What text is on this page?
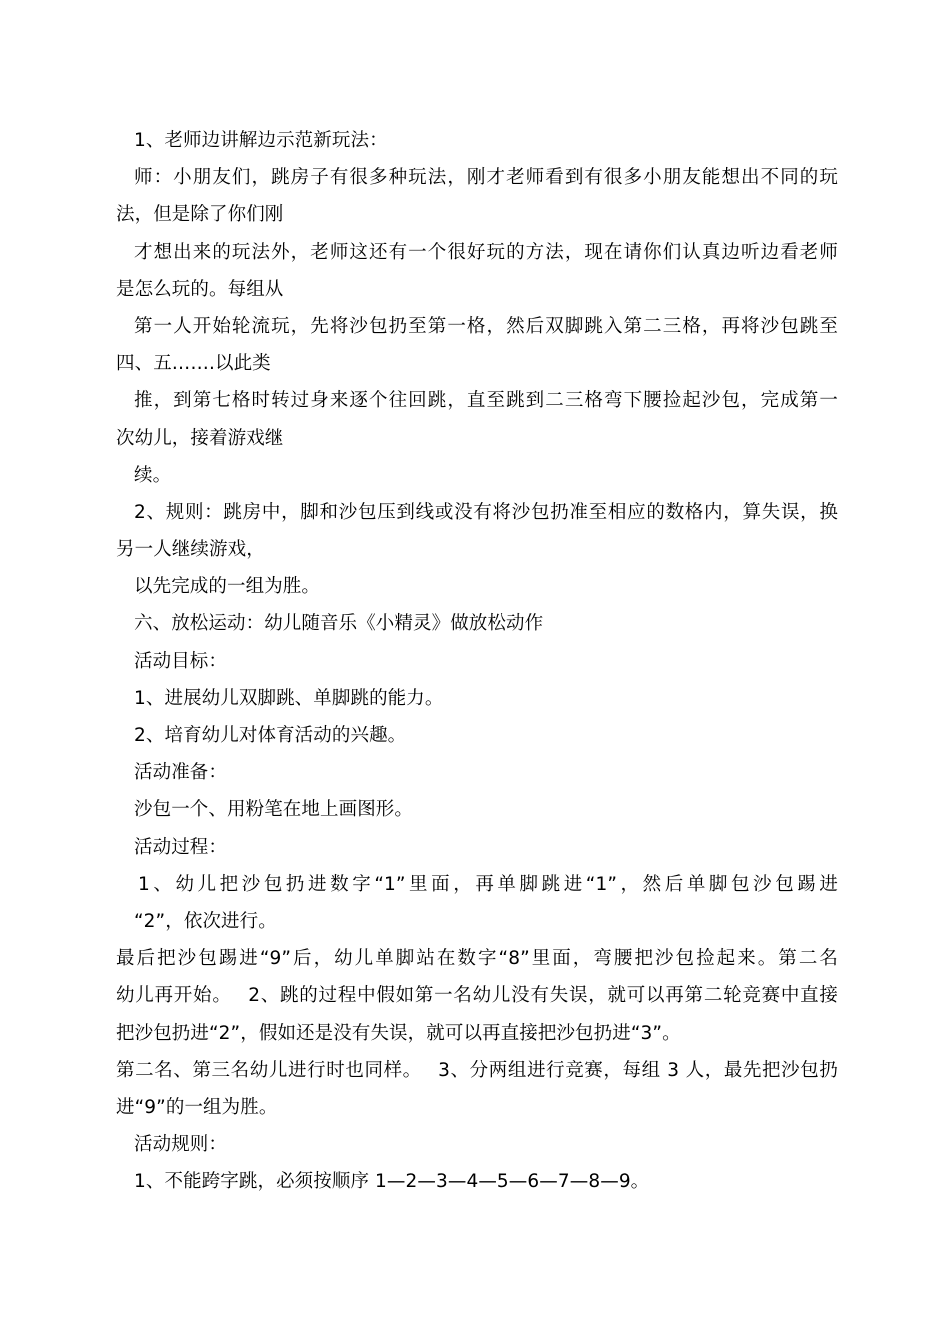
1、老师边讲解边示范新玩法：
师：小朋友们，跳房子有很多种玩法，刚才老师看到有很多小朋友能想出不同的玩
法，但是除了你们刚
才想出来的玩法外，老师这还有一个很好玩的方法，现在请你们认真边听边看老师
是怎么玩的。每组从
第一人开始轮流玩，先将沙包扔至第一格，然后双脚跳入第二三格，再将沙包跳至
四、五…….以此类
推，到第七格时转过身来逐个往回跳，直至跳到二三格弯下腰捡起沙包，完成第一
次幼儿，接着游戏继
续。
2、规则：跳房中，脚和沙包压到线或没有将沙包扔准至相应的数格内，算失误，换
另一人继续游戏，
以先完成的一组为胜。
六、放松运动：幼儿随音乐《小精灵》做放松动作
活动目标：
1、进展幼儿双脚跳、单脚跳的能力。
2、培育幼儿对体育活动的兴趣。
活动准备：
沙包一个、用粉笔在地上画图形。
活动过程：
1、幼儿把沙包扔进数字“1”里面，再单脚跳进“1”，然后单脚包沙包踢进
“2”，依次进行。
最后把沙包踢进“9”后，幼儿单脚站在数字“8”里面，弯腰把沙包捡起来。第二名
幼儿再开始。　 2、跳的过程中假如第一名幼儿没有失误，就可以再第二轮竞赛中直接
把沙包扔进“2”，假如还是没有失误，就可以再直接把沙包扔进“3”。
第二名、第三名幼儿进行时也同样。　 3、分两组进行竞赛，每组 3 人，最先把沙包扔
进“9”的一组为胜。
活动规则：
1、不能跨字跳，必须按顺序 1—2—3—4—5—6—7—8—9。
